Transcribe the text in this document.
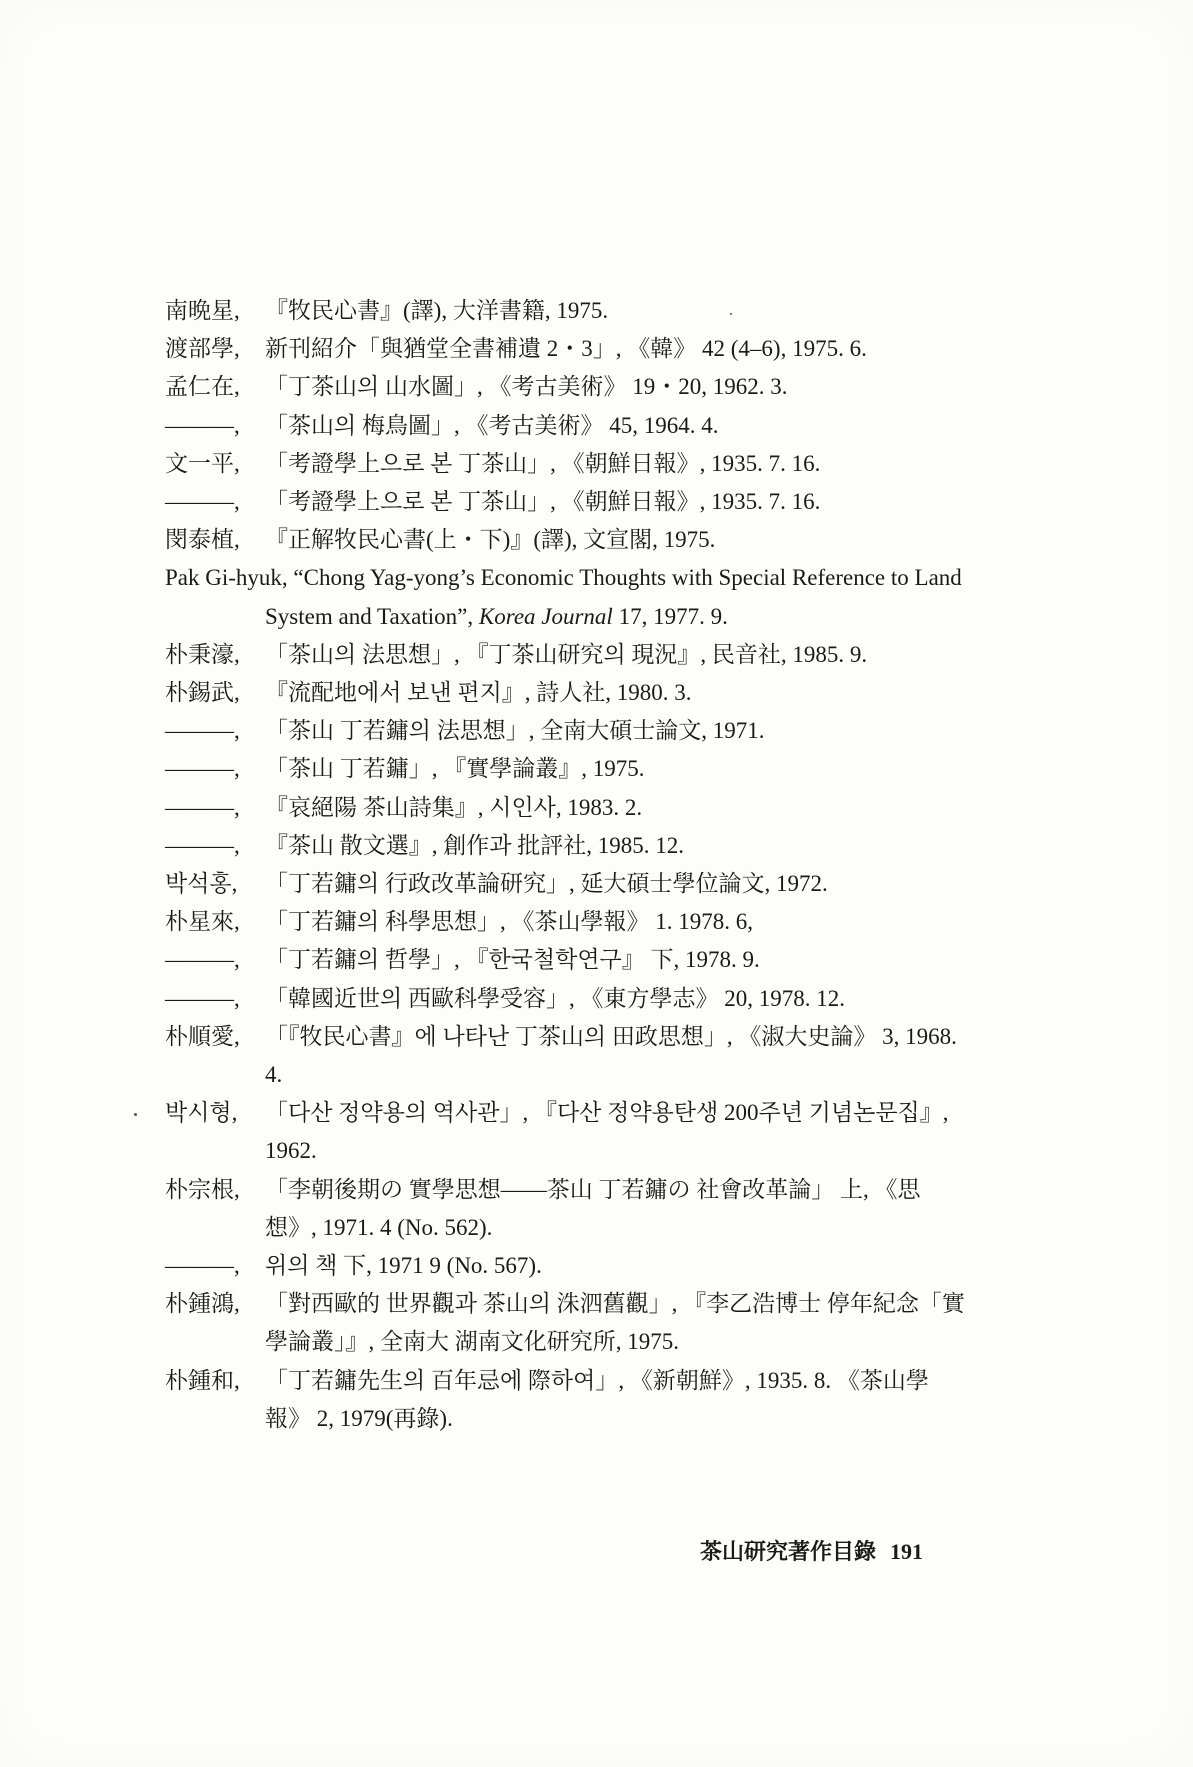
南晩星, 『牧民心書』(譯), 大洋書籍, 1975.

渡部學, 新刊紹介「與猶堂全書補遺 2・3」, 《韓》 42 (4–6), 1975. 6.

孟仁在, 「丁茶山의 山水圖」, 《考古美術》 19・20, 1962. 3.

———, 「茶山의 梅鳥圖」, 《考古美術》 45, 1964. 4.

文一平, 「考證學上으로 본 丁茶山」, 《朝鮮日報》, 1935. 7. 16.

———, 「考證學上으로 본 丁茶山」, 《朝鮮日報》, 1935. 7. 16.

閔泰植, 『正解牧民心書(上・下)』(譯), 文宣閣, 1975.

Pak Gi-hyuk, “Chong Yag-yong’s Economic Thoughts with Special Reference to Land System and Taxation”, Korea Journal 17, 1977. 9.

朴秉濠, 「茶山의 法思想」, 『丁茶山研究의 現況』, 民音社, 1985. 9.

朴錫武, 『流配地에서 보낸 편지』, 詩人社, 1980. 3.

———, 「茶山 丁若鏞의 法思想」, 全南大碩士論文, 1971.

———, 「茶山 丁若鏞」, 『實學論叢』, 1975.

———, 『哀絕陽 茶山詩集』, 시인사, 1983. 2.

———, 『茶山 散文選』, 創作과 批評社, 1985. 12.

박석홍, 「丁若鏞의 行政改革論研究」, 延大碩士學位論文, 1972.

朴星來, 「丁若鏞의 科學思想」, 《茶山學報》 1. 1978. 6,

———, 「丁若鏞의 哲學」, 『한국철학연구』 下, 1978. 9.

———, 「韓國近世의 西歐科學受容」, 《東方學志》 20, 1978. 12.

朴順愛, 「『牧民心書』에 나타난 丁茶山의 田政思想」, 《淑大史論》 3, 1968. 4.

박시형, 「다산 정약용의 역사관」, 『다산 정약용탄생 200주년 기념논문집』, 1962.

朴宗根, 「李朝後期の 實學思想——茶山 丁若鏞の 社會改革論」 上, 《思想》, 1971. 4 (No. 562).

———, 위의 책 下, 1971 9 (No. 567).

朴鍾鴻, 「對西歐的 世界觀과 茶山의 洙泗舊觀」, 『李乙浩博士 停年紀念「實學論叢」』, 全南大 湖南文化研究所, 1975.

朴鍾和, 「丁若鏞先生의 百年忌에 際하여」, 《新朝鮮》, 1935. 8. 《茶山學報》 2, 1979(再錄).

茶山研究著作目錄 191
